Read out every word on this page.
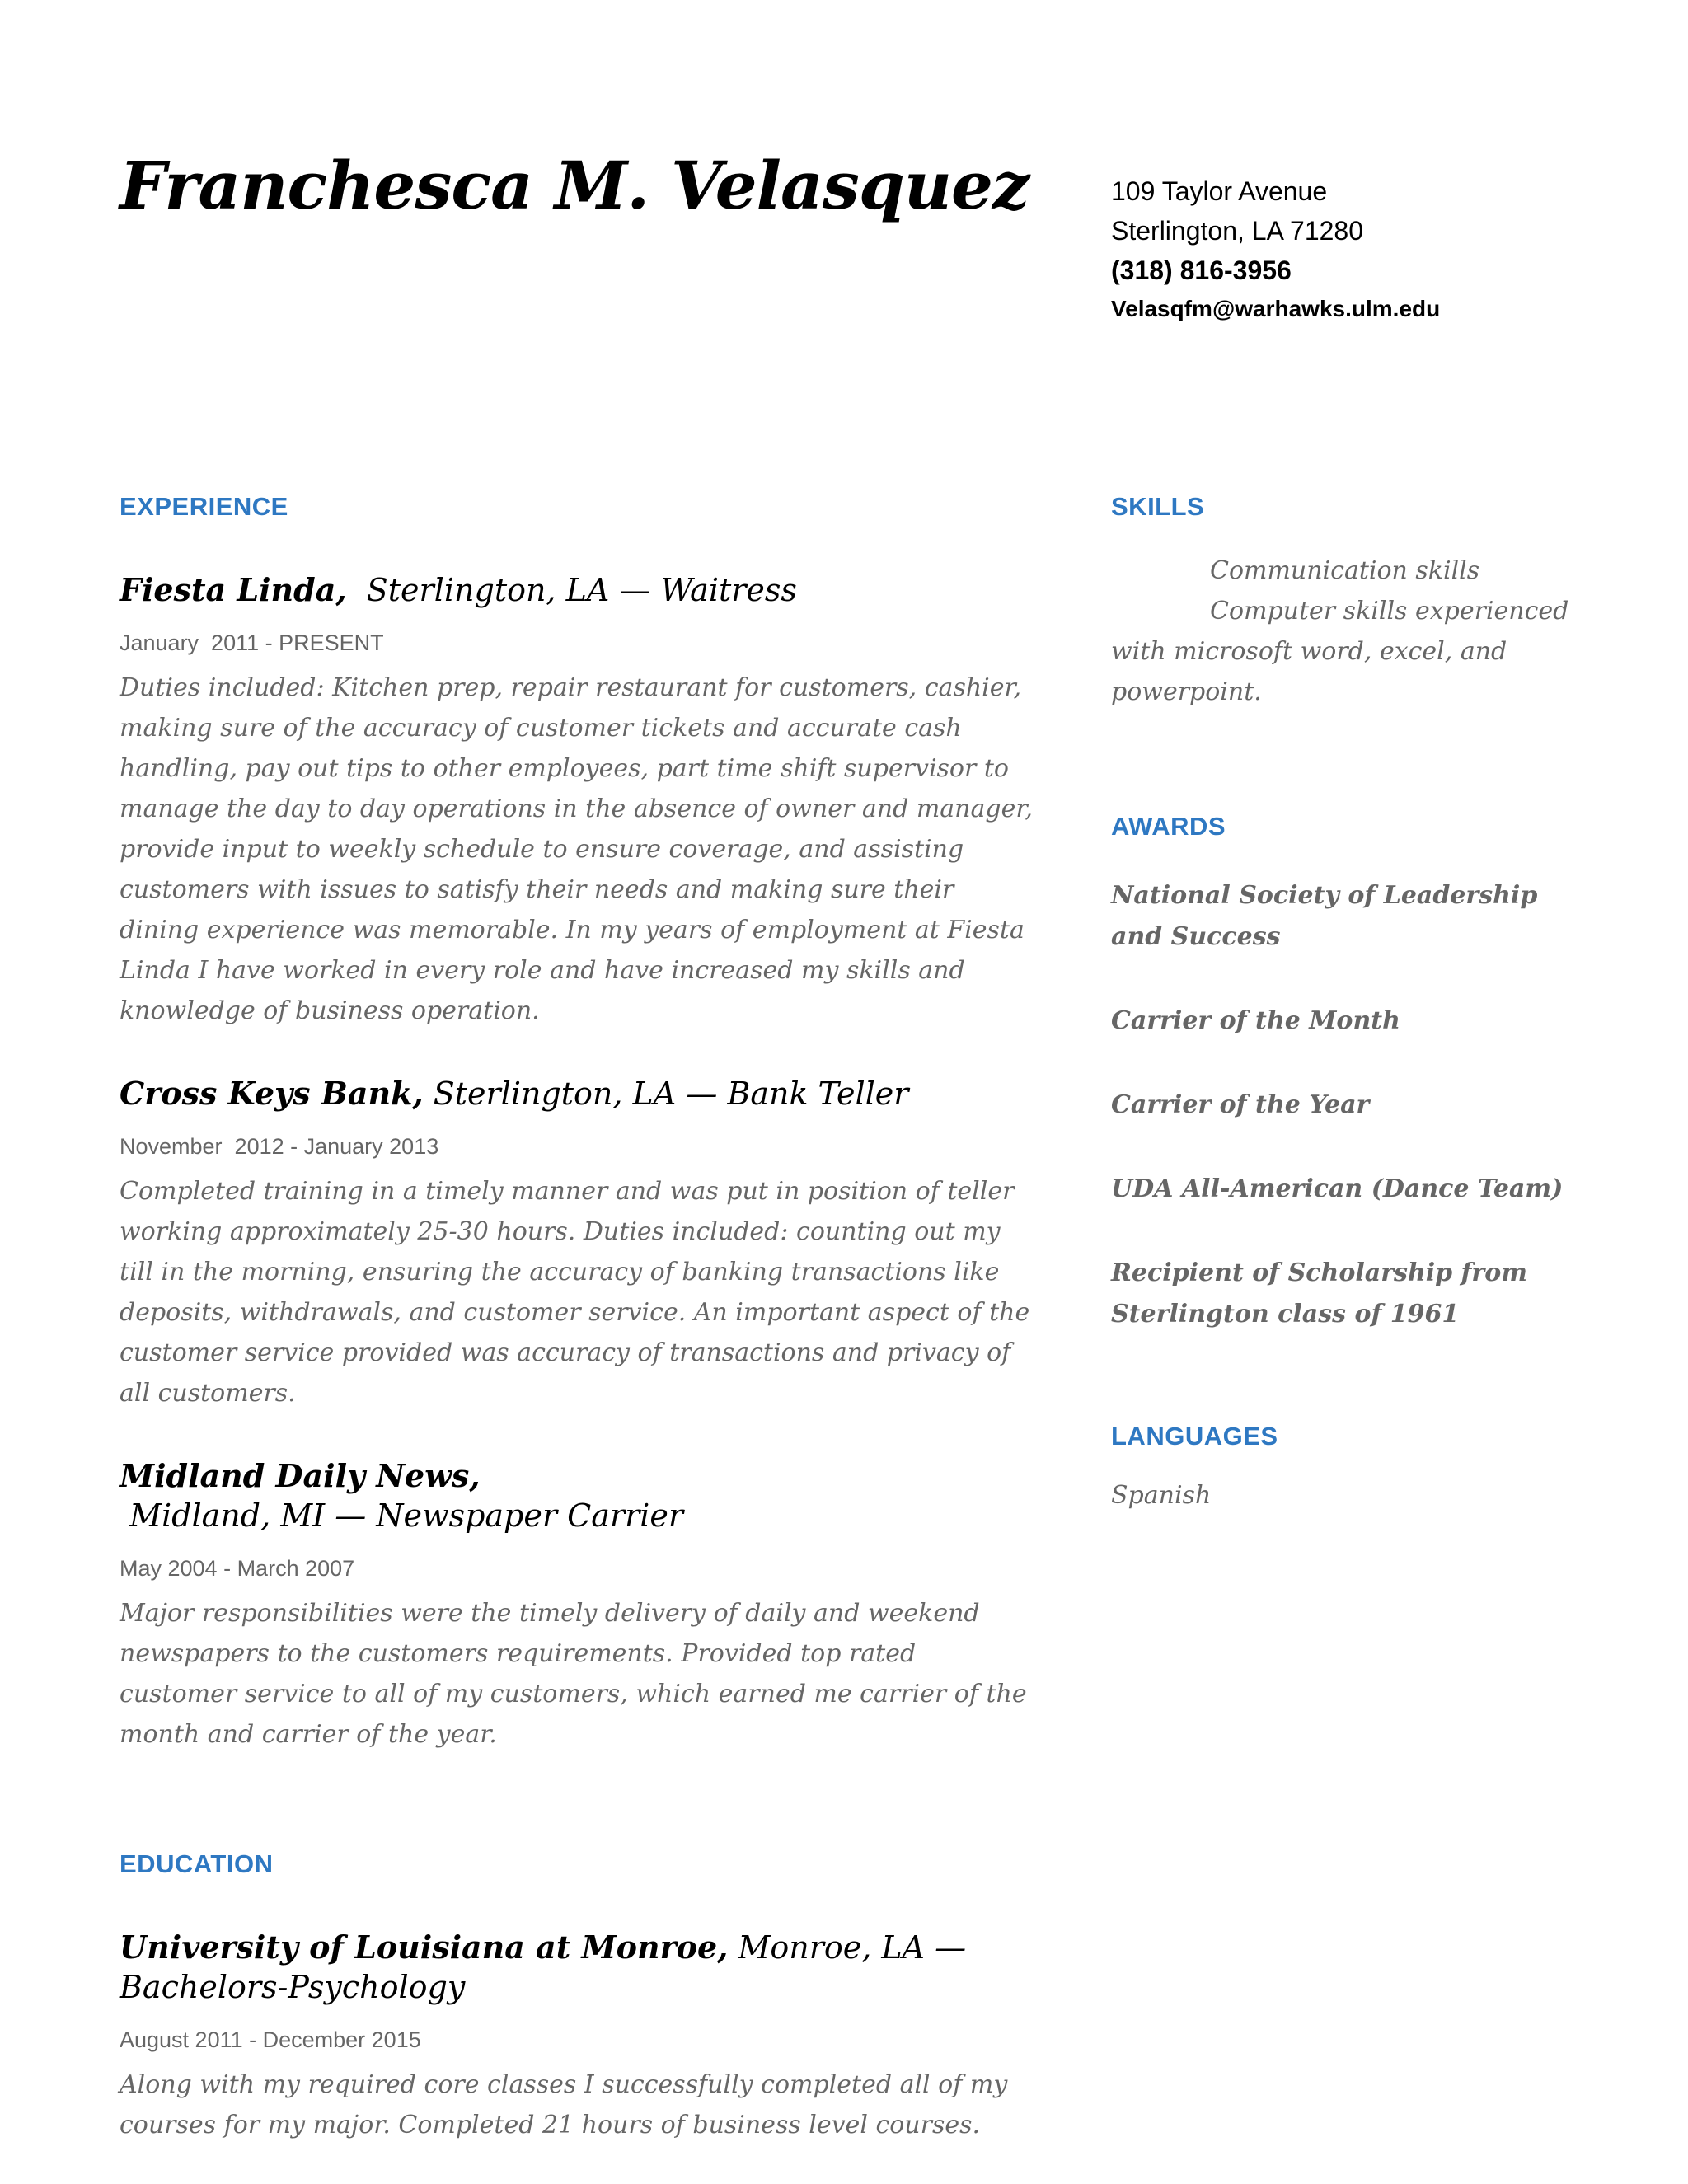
Franchesca M. Velasquez	109 Taylor Avenue
Sterlington, LA 71280
(318) 816-3956
Velasqfm@warhawks.ulm.edu
EXPERIENCE

Fiesta Linda,  Sterlington, LA — Waitress

January  2011 - PRESENT
Duties included: Kitchen prep, repair restaurant for customers, cashier, making sure of the accuracy of customer tickets and accurate cash handling, pay out tips to other employees, part time shift supervisor to manage the day to day operations in the absence of owner and manager, provide input to weekly schedule to ensure coverage, and assisting customers with issues to satisfy their needs and making sure their dining experience was memorable. In my years of employment at Fiesta Linda I have worked in every role and have increased my skills and knowledge of business operation.

Cross Keys Bank, Sterlington, LA — Bank Teller

November  2012 - January 2013
Completed training in a timely manner and was put in position of teller working approximately 25-30 hours. Duties included: counting out my till in the morning, ensuring the accuracy of banking transactions like deposits, withdrawals, and customer service. An important aspect of the customer service provided was accuracy of transactions and privacy of all customers.

Midland Daily News, Midland, MI — Newspaper Carrier

May 2004 - March 2007
Major responsibilities were the timely delivery of daily and weekend newspapers to the customers requirements. Provided top rated customer service to all of my customers, which earned me carrier of the month and carrier of the year.
EDUCATION

University of Louisiana at Monroe, Monroe, LA — Bachelors-Psychology

August 2011 - December 2015
Along with my required core classes I successfully completed all of my courses for my major. Completed 21 hours of business level courses.
SKILLS
Communication skills
Computer skills experienced
with microsoft word, excel, and powerpoint.
AWARDS
National Society of Leadership and Success
Carrier of the Month
Carrier of the Year
UDA All-American (Dance Team)
Recipient of Scholarship from Sterlington class of 1961
LANGUAGES
Spanish
